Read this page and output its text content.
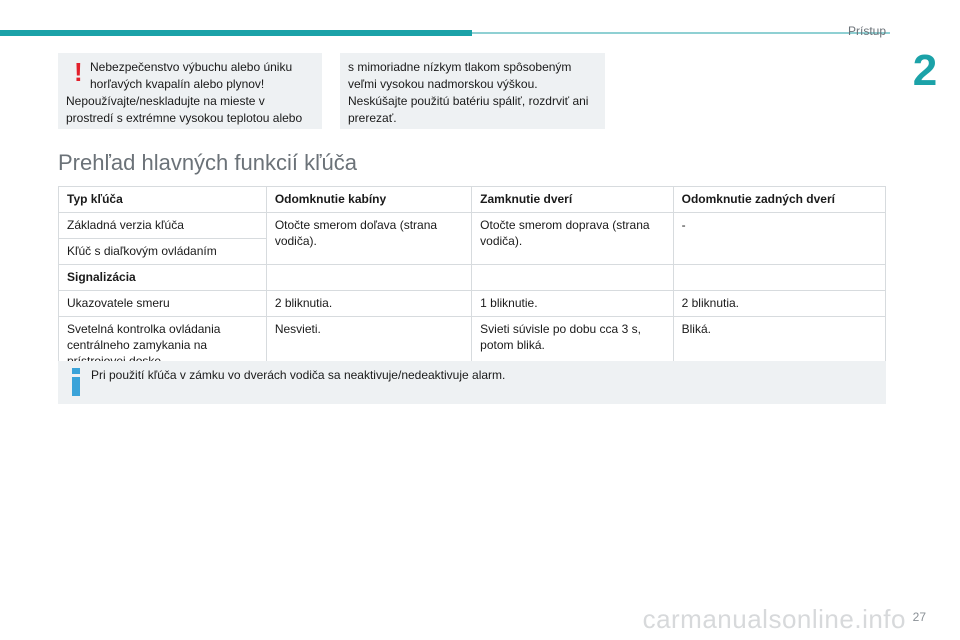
Prístup
2
! Nebezpečenstvo výbuchu alebo úniku
horľavých kvapalín alebo plynov!
Nepoužívajte/neskladujte na mieste v
prostredí s extrémne vysokou teplotou alebo
s mimoriadne nízkym tlakom spôsobeným
veľmi vysokou nadmorskou výškou.
Neskúšajte použitú batériu spáliť, rozdrviť ani
prerezať.
Prehľad hlavných funkcií kľúča
Typ kľúča	Odomknutie kabíny	Zamknutie dverí	Odomknutie zadných dverí
Základná verzia kľúča	Otočte smerom doľava (strana vodiča).	Otočte smerom doprava (strana vodiča).	-
Kľúč s diaľkovým ovládaním			
Signalizácia			
Ukazovatele smeru	2 bliknutia.	1 bliknutie.	2 bliknutia.
Svetelná kontrolka ovládania centrálneho zamykania na	Nesvieti.	Svieti súvisle po dobu cca 3 s, potom bliká.	Bliká.
Pri použití kľúča v zámku vo dverách vodiča sa neaktivuje/nedeaktivuje alarm.
carmanualsonline.info 27
